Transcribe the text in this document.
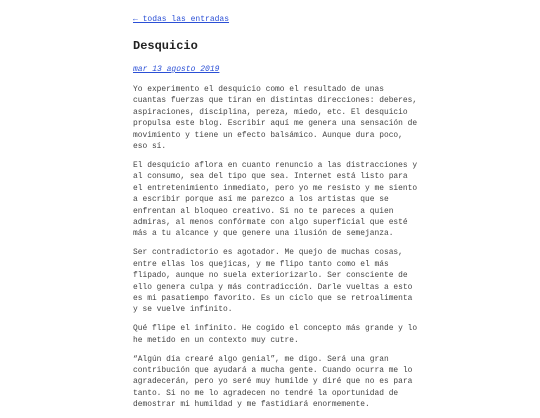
← todas las entradas
Desquicio
mar 13 agosto 2019

Yo experimento el desquicio como el resultado de unas cuantas fuerzas que tiran en distintas direcciones: deberes, aspiraciones, disciplina, pereza, miedo, etc. El desquicio propulsa este blog. Escribir aquí me genera una sensación de movimiento y tiene un efecto balsámico. Aunque dura poco, eso sí.

El desquicio aflora en cuanto renuncio a las distracciones y al consumo, sea del tipo que sea. Internet está listo para el entretenimiento inmediato, pero yo me resisto y me siento a escribir porque así me parezco a los artistas que se enfrentan al bloqueo creativo. Si no te pareces a quien admiras, al menos confórmate con algo superficial que esté más a tu alcance y que genere una ilusión de semejanza.

Ser contradictorio es agotador. Me quejo de muchas cosas, entre ellas los quejicas, y me flipo tanto como el más flipado, aunque no suela exteriorizarlo. Ser consciente de ello genera culpa y más contradicción. Darle vueltas a esto es mi pasatiempo favorito. Es un ciclo que se retroalimenta y se vuelve infinito.

Qué flipe el infinito. He cogido el concepto más grande y lo he metido en un contexto muy cutre.

“Algún día crearé algo genial”, me digo. Será una gran contribución que ayudará a mucha gente. Cuando ocurra me lo agradecerán, pero yo seré muy humilde y diré que no es para tanto. Si no me lo agradecen no tendré la oportunidad de demostrar mi humildad y me fastidiará enormemente.
